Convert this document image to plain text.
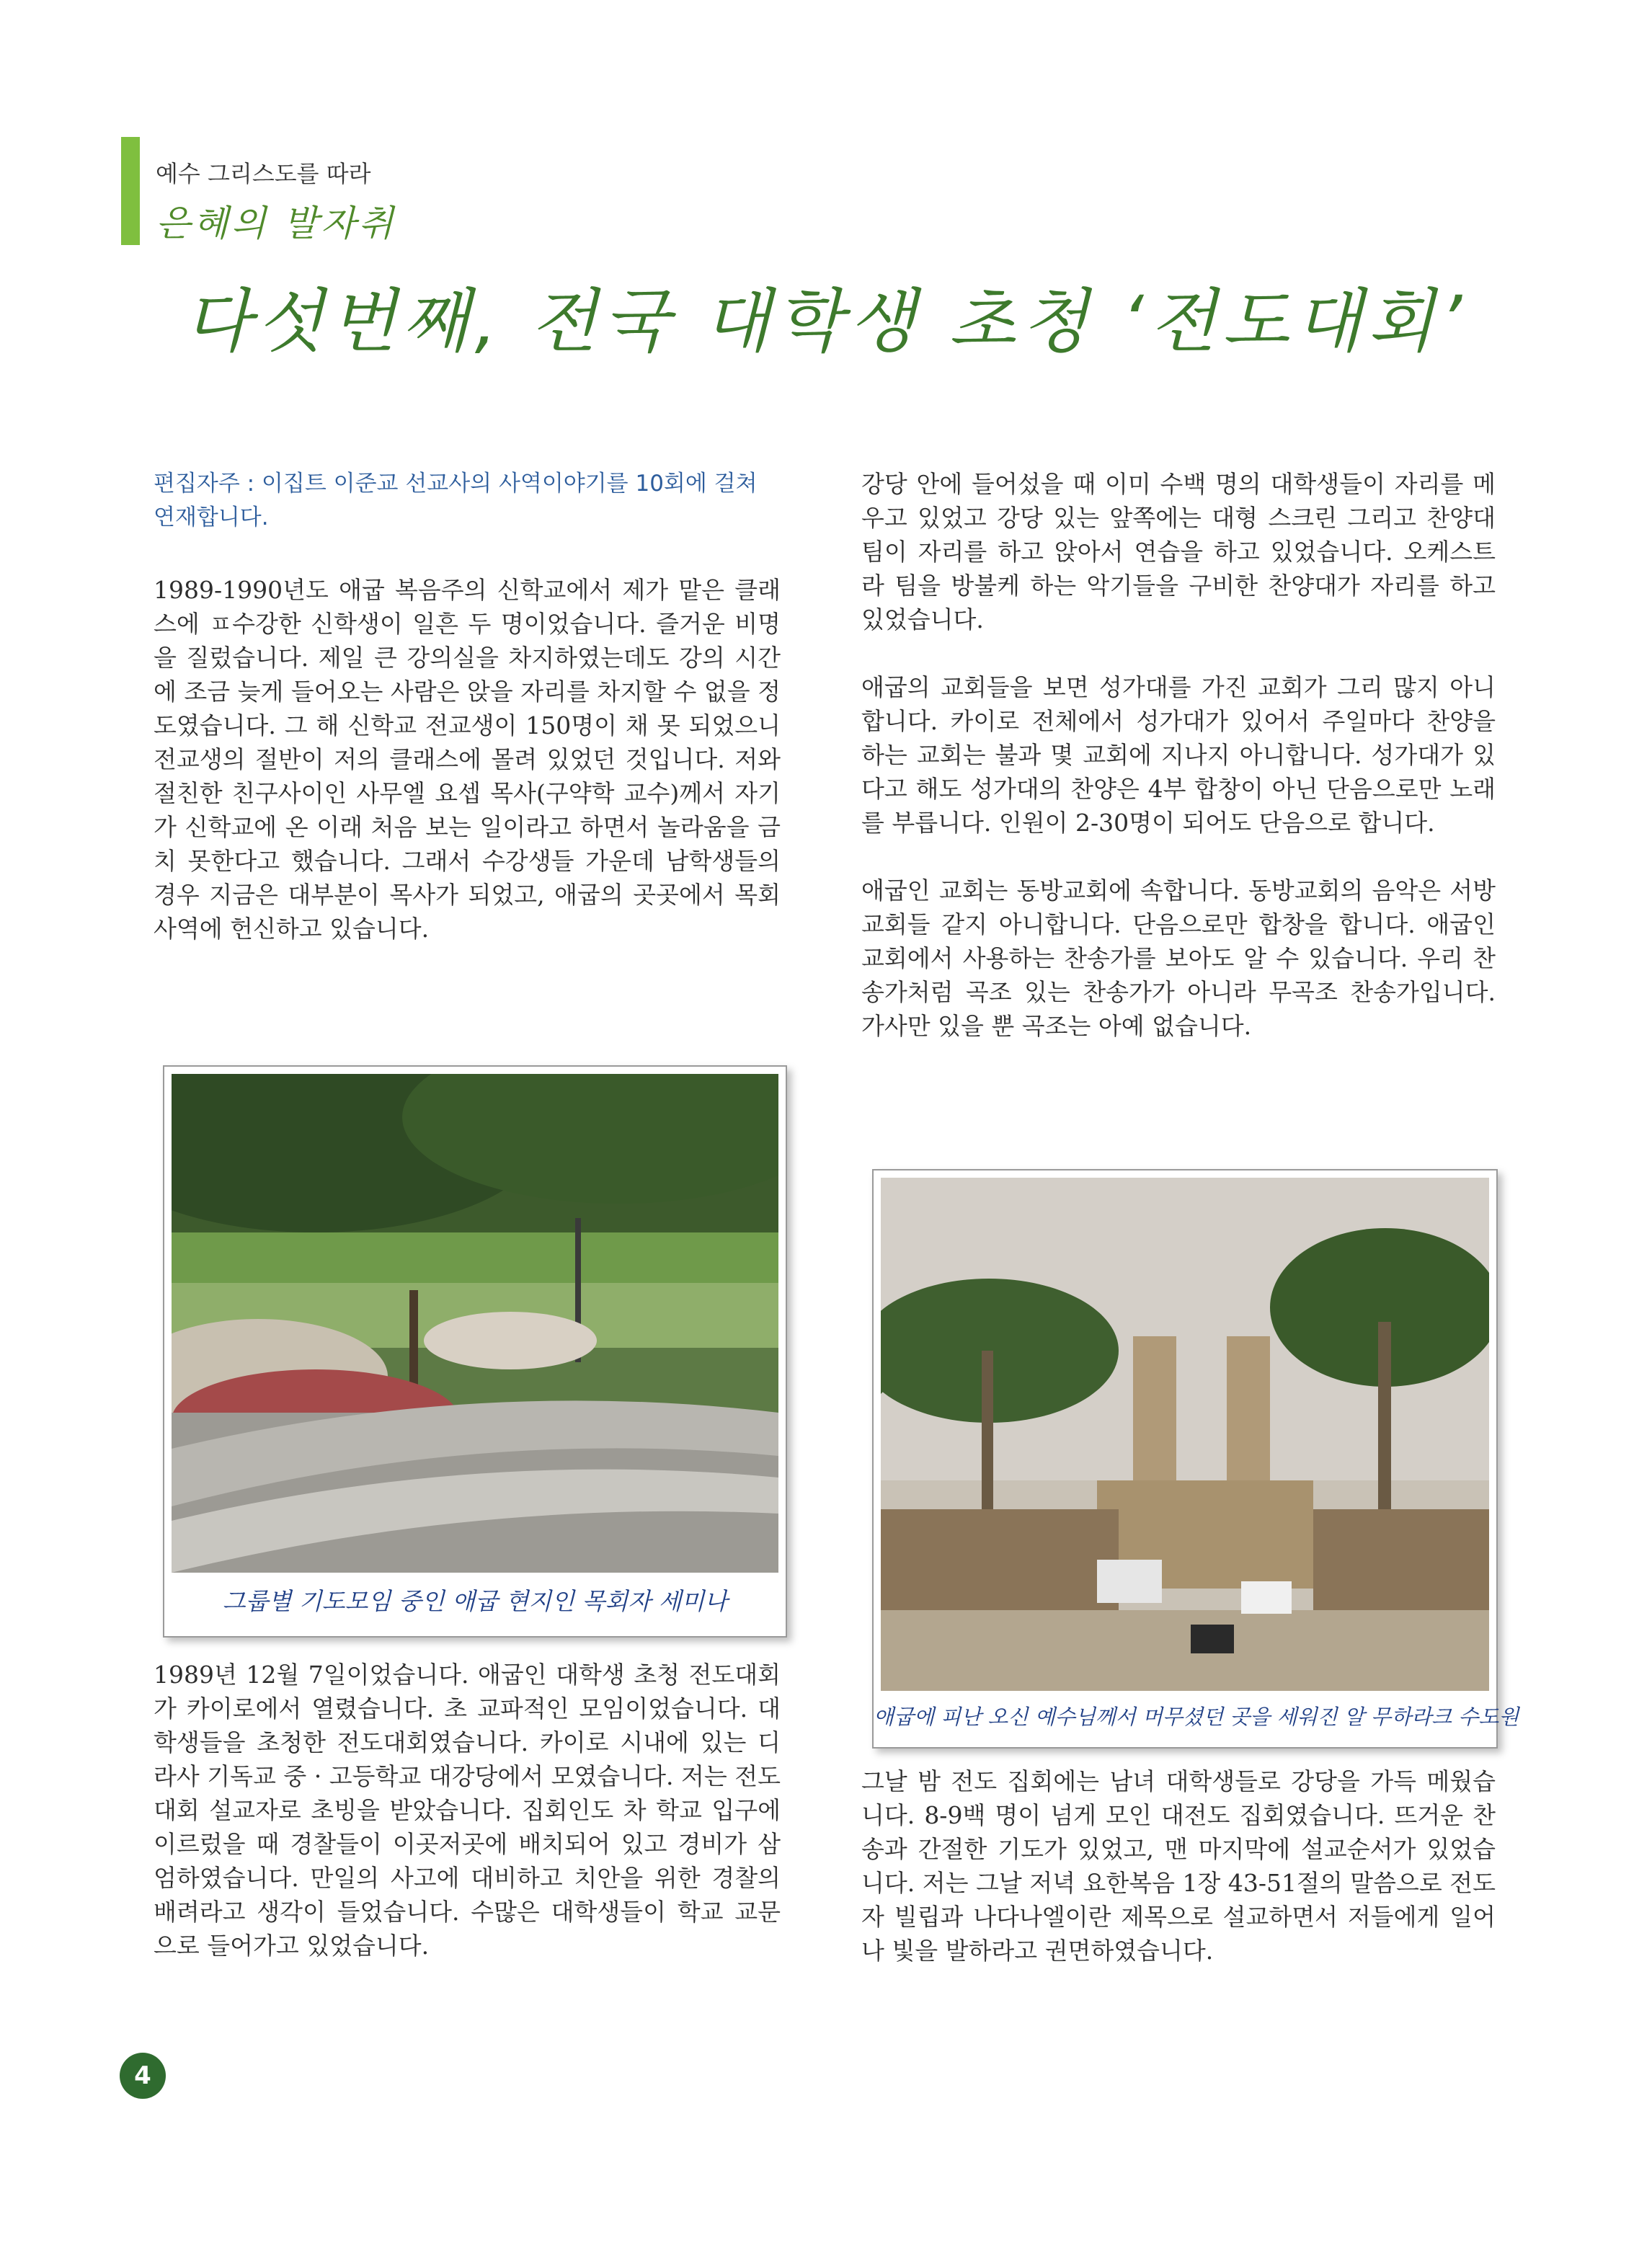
예수 그리스도를 따라
은혜의 발자취
다섯번째, 전국 대학생 초청 ‘전도대회’
편집자주 : 이집트 이준교 선교사의 사역이야기를 10회에 걸쳐 연재합니다.

1989-1990년도 애굽 복음주의 신학교에서 제가 맡은 클래스에 ㅍ수강한 신학생이 일흔 두 명이었습니다. 즐거운 비명을 질렀습니다. 제일 큰 강의실을 차지하였는데도 강의 시간에 조금 늦게 들어오는 사람은 앉을 자리를 차지할 수 없을 정도였습니다. 그 해 신학교 전교생이 150명이 채 못 되었으니 전교생의 절반이 저의 클래스에 몰려 있었던 것입니다. 저와 절친한 친구사이인 사무엘 요셉 목사(구약학 교수)께서 자기가 신학교에 온 이래 처음 보는 일이라고 하면서 놀라움을 금치 못한다고 했습니다. 그래서 수강생들 가운데 남학생들의 경우 지금은 대부분이 목사가 되었고, 애굽의 곳곳에서 목회사역에 헌신하고 있습니다.

그룹별 기도모임 중인 애굽 현지인 목회자 세미나

1989년 12월 7일이었습니다. 애굽인 대학생 초청 전도대회가 카이로에서 열렸습니다. 초 교파적인 모임이었습니다. 대학생들을 초청한 전도대회였습니다. 카이로 시내에 있는 디라사 기독교 중 · 고등학교 대강당에서 모였습니다. 저는 전도대회 설교자로 초빙을 받았습니다. 집회인도 차 학교 입구에 이르렀을 때 경찰들이 이곳저곳에 배치되어 있고 경비가 삼엄하였습니다. 만일의 사고에 대비하고 치안을 위한 경찰의 배려라고 생각이 들었습니다. 수많은 대학생들이 학교 교문으로 들어가고 있었습니다.

강당 안에 들어섰을 때 이미 수백 명의 대학생들이 자리를 메우고 있었고 강당 있는 앞쪽에는 대형 스크린 그리고 찬양대 팀이 자리를 하고 앉아서 연습을 하고 있었습니다. 오케스트라 팀을 방불케 하는 악기들을 구비한 찬양대가 자리를 하고 있었습니다.

애굽의 교회들을 보면 성가대를 가진 교회가 그리 많지 아니합니다. 카이로 전체에서 성가대가 있어서 주일마다 찬양을 하는 교회는 불과 몇 교회에 지나지 아니합니다. 성가대가 있다고 해도 성가대의 찬양은 4부 합창이 아닌 단음으로만 노래를 부릅니다. 인원이 2-30명이 되어도 단음으로 합니다.

애굽인 교회는 동방교회에 속합니다. 동방교회의 음악은 서방교회들 같지 아니합니다. 단음으로만 합창을 합니다. 애굽인 교회에서 사용하는 찬송가를 보아도 알 수 있습니다. 우리 찬송가처럼 곡조 있는 찬송가가 아니라 무곡조 찬송가입니다. 가사만 있을 뿐 곡조는 아예 없습니다.

애굽에 피난 오신 예수님께서 머무셨던 곳을 세워진 알 무하라크 수도원

그날 밤 전도 집회에는 남녀 대학생들로 강당을 가득 메웠습니다. 8-9백 명이 넘게 모인 대전도 집회였습니다. 뜨거운 찬송과 간절한 기도가 있었고, 맨 마지막에 설교순서가 있었습니다. 저는 그날 저녁 요한복음 1장 43-51절의 말씀으로 전도자 빌립과 나다나엘이란 제목으로 설교하면서 저들에게 일어나 빛을 발하라고 권면하였습니다.

4
